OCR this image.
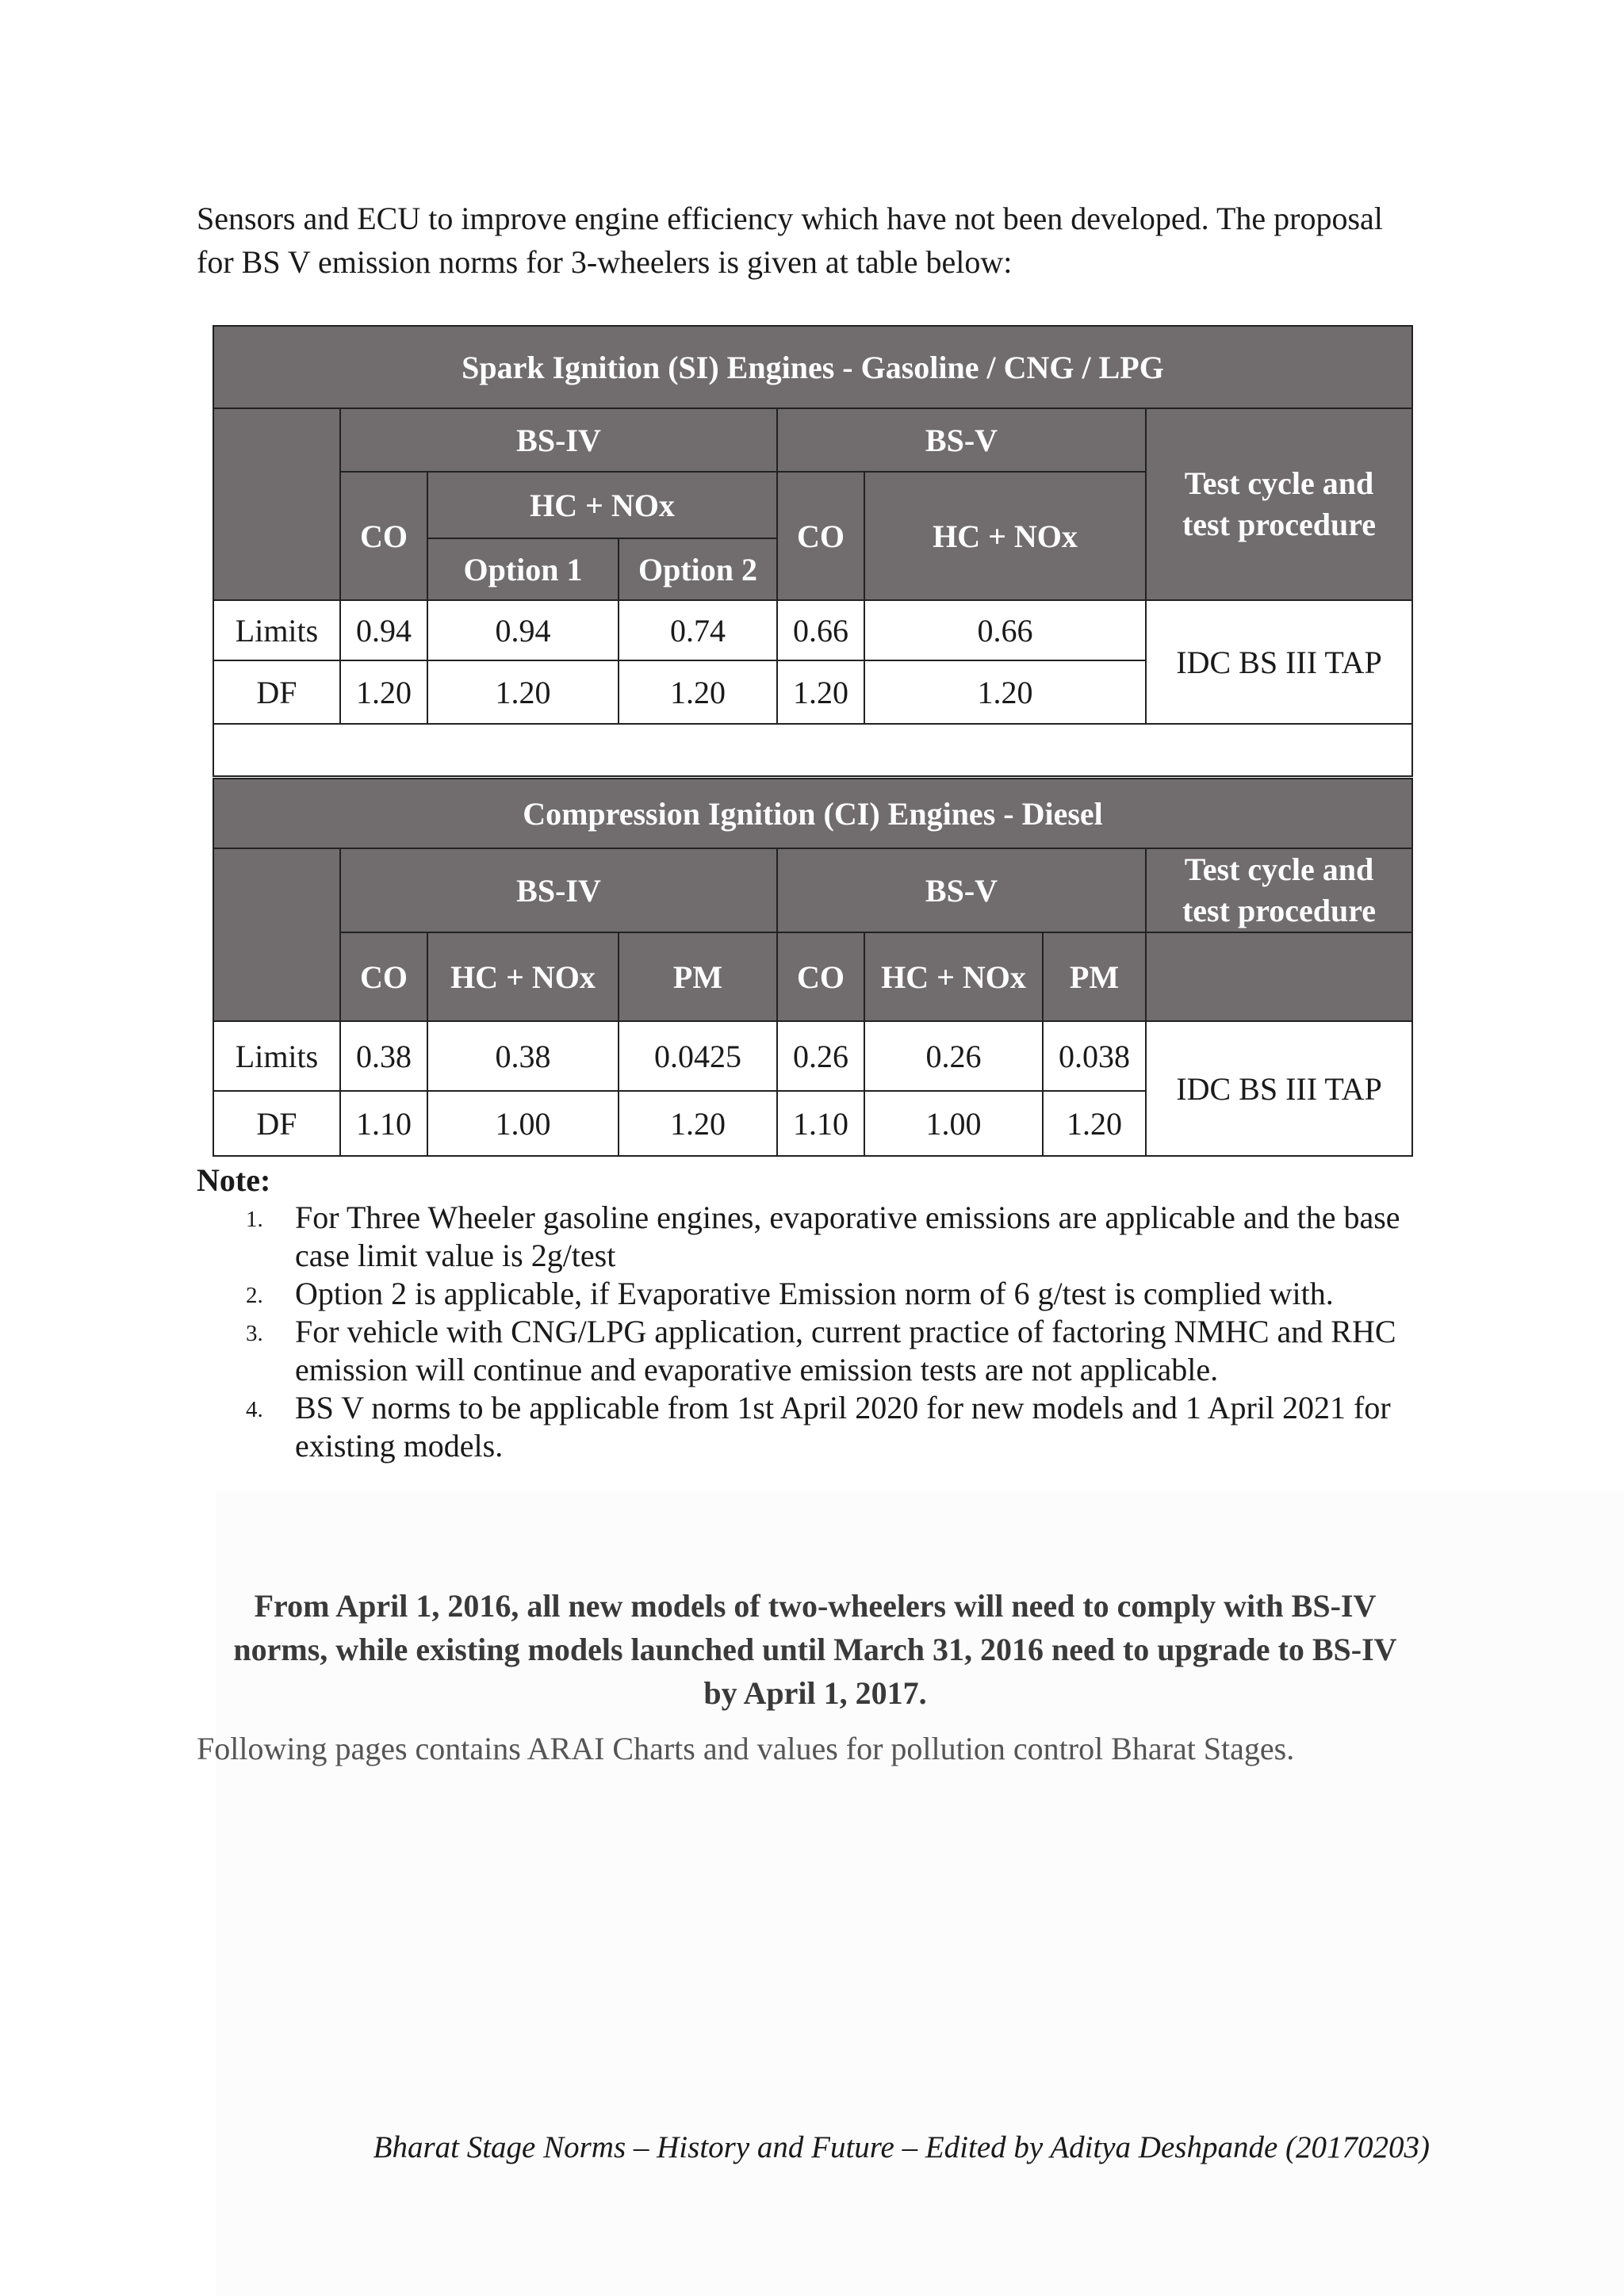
Sensors and ECU to improve engine efficiency which have not been developed. The proposal
for BS V emission norms for 3-wheelers is given at table below:
Spark Ignition (SI) Engines - Gasoline / CNG / LPG						
	BS-IV			BS-V		Test cycle and
test procedure

	CO	HC + NOx		CO	HC + NOx	
		Option 1	Option 2			
Limits	0.94	0.94	0.74	0.66	0.66	IDC BS III TAP
DF	1.20	1.20	1.20	1.20	1.20	

Compression Ignition (CI) Engines - Diesel							
	BS-IV			BS-V			Test cycle and
test procedure

	CO	HC + NOx	PM	CO	HC + NOx	PM	
Limits	0.38	0.38	0.0425	0.26	0.26	0.038	IDC BS III TAP
DF	1.10	1.00	1.20	1.10	1.00	1.20	
Note:
1. For Three Wheeler gasoline engines, evaporative emissions are applicable and the base
case limit value is 2g/test
2. Option 2 is applicable, if Evaporative Emission norm of 6 g/test is complied with.
3. For vehicle with CNG/LPG application, current practice of factoring NMHC and RHC
emission will continue and evaporative emission tests are not applicable.
4. BS V norms to be applicable from 1st April 2020 for new models and 1 April 2021 for
existing models.
From April 1, 2016, all new models of two-wheelers will need to comply with BS-IV
norms, while existing models launched until March 31, 2016 need to upgrade to BS-IV
by April 1, 2017.
Following pages contains ARAI Charts and values for pollution control Bharat Stages.
Bharat Stage Norms – History and Future – Edited by Aditya Deshpande (20170203)
